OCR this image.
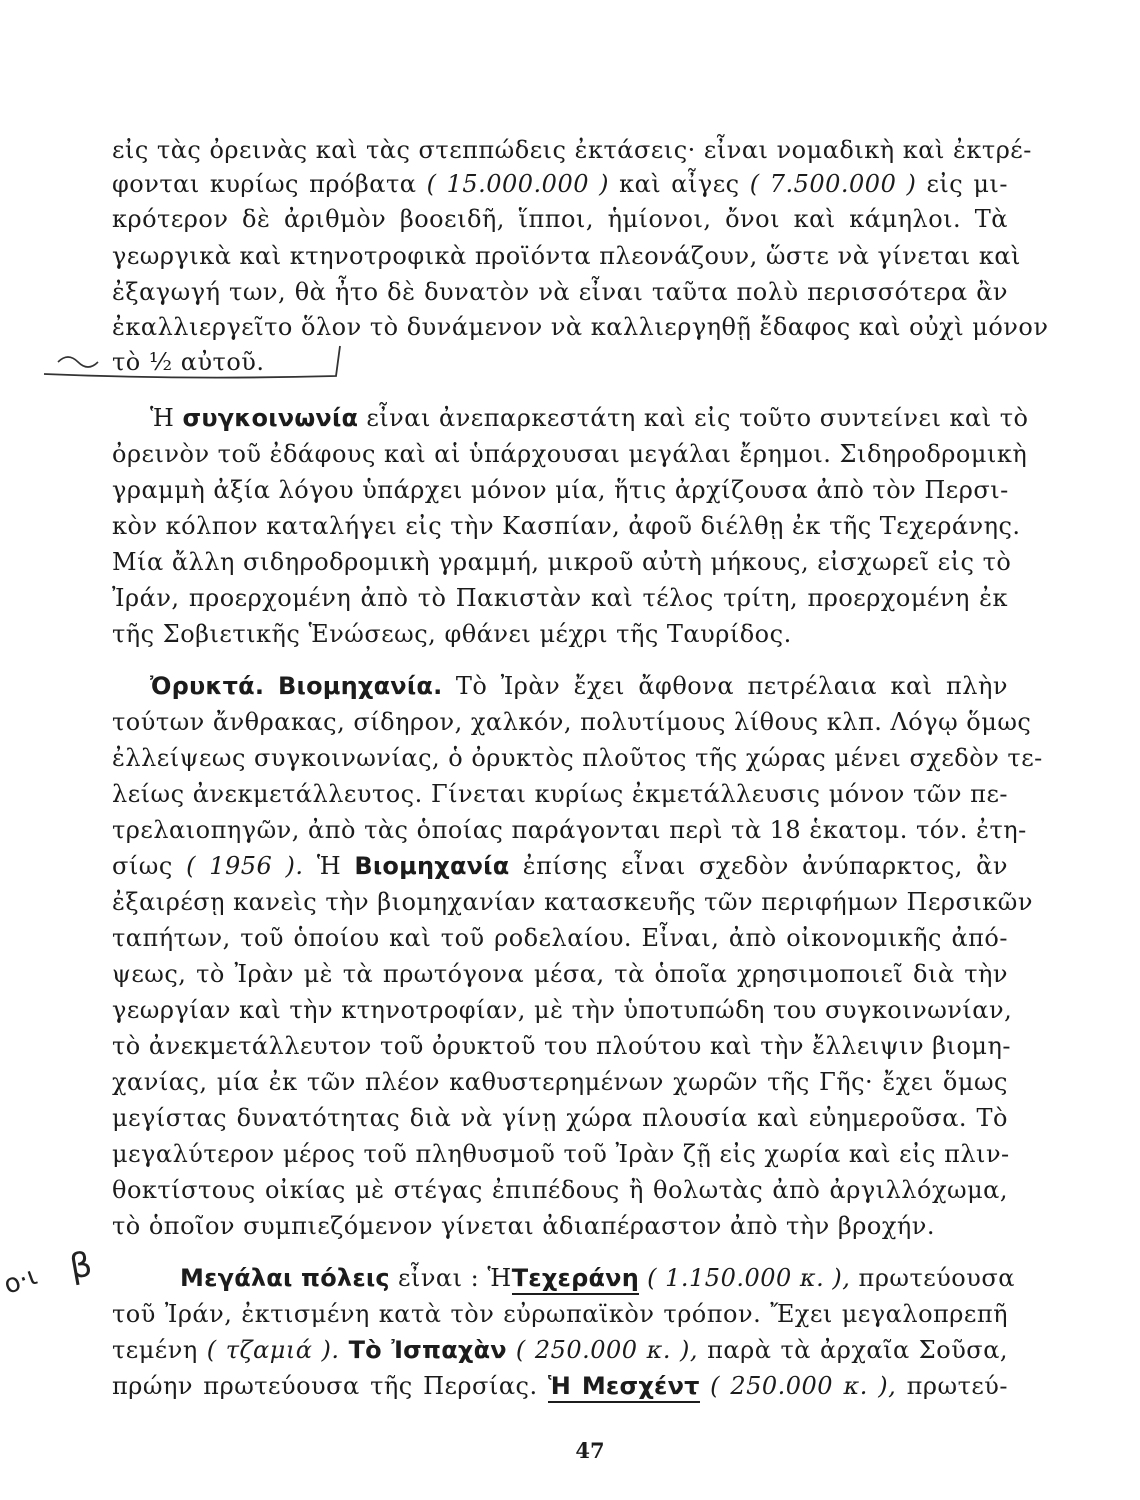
εἰς τὰς ὀρεινὰς καὶ τὰς στεππώδεις ἐκτάσεις· εἶναι νομαδικὴ καὶ ἐκτρέ-
φονται κυρίως πρόβατα ( 15.000.000 ) καὶ αἶγες ( 7.500.000 ) εἰς μι-
κρότερον δὲ ἀριθμὸν βοοειδῆ, ἵπποι, ἡμίονοι, ὄνοι καὶ κάμηλοι. Τὰ
γεωργικὰ καὶ κτηνοτροφικὰ προϊόντα πλεονάζουν, ὥστε νὰ γίνεται καὶ
ἐξαγωγή των, θὰ ἦτο δὲ δυνατὸν νὰ εἶναι ταῦτα πολὺ περισσότερα ἂν
ἐκαλλιεργεῖτο ὅλον τὸ δυνάμενον νὰ καλλιεργηθῇ ἔδαφος καὶ οὐχὶ μόνον
τὸ ½ αὐτοῦ.
Ἡ συγκοινωνία εἶναι ἀνεπαρκεστάτη καὶ εἰς τοῦτο συντείνει καὶ τὸ
ὀρεινὸν τοῦ ἐδάφους καὶ αἱ ὑπάρχουσαι μεγάλαι ἔρημοι. Σιδηροδρομικὴ
γραμμὴ ἀξία λόγου ὑπάρχει μόνον μία, ἥτις ἀρχίζουσα ἀπὸ τὸν Περσι-
κὸν κόλπον καταλήγει εἰς τὴν Κασπίαν, ἀφοῦ διέλθῃ ἐκ τῆς Τεχεράνης.
Μία ἄλλη σιδηροδρομικὴ γραμμή, μικροῦ αὐτὴ μήκους, εἰσχωρεῖ εἰς τὸ
Ἰράν, προερχομένη ἀπὸ τὸ Πακιστὰν καὶ τέλος τρίτη, προερχομένη ἐκ
τῆς Σοβιετικῆς Ἑνώσεως, φθάνει μέχρι τῆς Ταυρίδος.
Ὀρυκτά. Βιομηχανία. Τὸ Ἰρὰν ἔχει ἄφθονα πετρέλαια καὶ πλὴν
τούτων ἄνθρακας, σίδηρον, χαλκόν, πολυτίμους λίθους κλπ. Λόγῳ ὅμως
ἐλλείψεως συγκοινωνίας, ὁ ὀρυκτὸς πλοῦτος τῆς χώρας μένει σχεδὸν τε-
λείως ἀνεκμετάλλευτος. Γίνεται κυρίως ἐκμετάλλευσις μόνον τῶν πε-
τρελαιοπηγῶν, ἀπὸ τὰς ὁποίας παράγονται περὶ τὰ 18 ἑκατομ. τόν. ἐτη-
σίως ( 1956 ). Ἡ Βιομηχανία ἐπίσης εἶναι σχεδὸν ἀνύπαρκτος, ἂν
ἐξαιρέσῃ κανεὶς τὴν βιομηχανίαν κατασκευῆς τῶν περιφήμων Περσικῶν
ταπήτων, τοῦ ὁποίου καὶ τοῦ ροδελαίου. Εἶναι, ἀπὸ οἰκονομικῆς ἀπό-
ψεως, τὸ Ἰρὰν μὲ τὰ πρωτόγονα μέσα, τὰ ὁποῖα χρησιμοποιεῖ διὰ τὴν
γεωργίαν καὶ τὴν κτηνοτροφίαν, μὲ τὴν ὑποτυπώδη του συγκοινωνίαν,
τὸ ἀνεκμετάλλευτον τοῦ ὀρυκτοῦ του πλούτου καὶ τὴν ἔλλειψιν βιομη-
χανίας, μία ἐκ τῶν πλέον καθυστερημένων χωρῶν τῆς Γῆς· ἔχει ὅμως
μεγίστας δυνατότητας διὰ νὰ γίνῃ χώρα πλουσία καὶ εὐημεροῦσα. Τὸ
μεγαλύτερον μέρος τοῦ πληθυσμοῦ τοῦ Ἰρὰν ζῇ εἰς χωρία καὶ εἰς πλιν-
θοκτίστους οἰκίας μὲ στέγας ἐπιπέδους ἢ θολωτὰς ἀπὸ ἀργιλλόχωμα,
τὸ ὁποῖον συμπιεζόμενον γίνεται ἀδιαπέραστον ἀπὸ τὴν βροχήν.
Μεγάλαι πόλεις εἶναι : ἩΤεχεράνη ( 1.150.000 κ. ), πρωτεύουσα
τοῦ Ἰράν, ἐκτισμένη κατὰ τὸν εὐρωπαϊκὸν τρόπον. Ἔχει μεγαλοπρεπῆ
τεμένη ( τζαμιά ). Τὸ Ἰσπαχὰν ( 250.000 κ. ), παρὰ τὰ ἀρχαῖα Σοῦσα,
πρώην πρωτεύουσα τῆς Περσίας. Ἡ Μεσχέντ ( 250.000 κ. ), πρωτεύ-
ο·ι β
47
